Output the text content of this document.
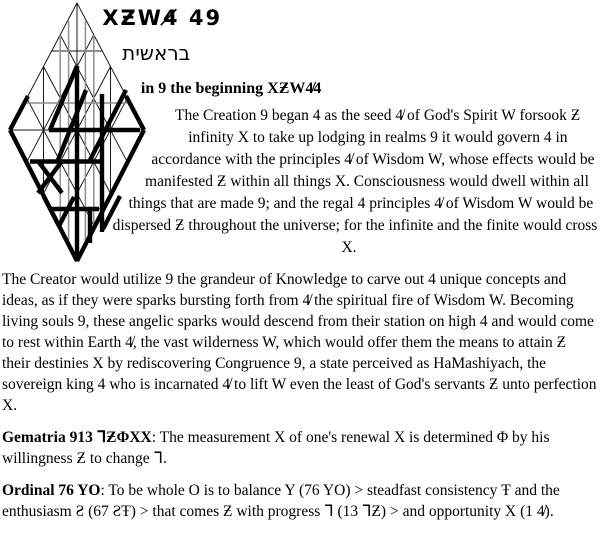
XƵW4̸ 49
בראשית
in 9 the beginning XƵW4̸4

The Creation 9 began 4 as the seed 4̸ of God's Spirit W forsook Ƶ infinity X to take up lodging in realms 9 it would govern 4 in accordance with the principles 4̸ of Wisdom W, whose effects would be manifested Ƶ within all things X. Consciousness would dwell within all things that are made 9; and the regal 4 principles 4̸ of Wisdom W would be dispersed Ƶ throughout the universe; for the infinite and the finite would cross X.

The Creator would utilize 9 the grandeur of Knowledge to carve out 4 unique concepts and ideas, as if they were sparks bursting forth from 4̸ the spiritual fire of Wisdom W. Becoming living souls 9, these angelic sparks would descend from their station on high 4 and would come to rest within Earth 4̸, the vast wilderness W, which would offer them the means to attain Ƶ their destinies X by rediscovering Congruence 9, a state perceived as HaMashiyach, the sovereign king 4 who is incarnated 4̸ to lift W even the least of God's servants Ƶ unto perfection X.

Gematria 913 ᒣƵΦXX: The measurement X of one's renewal X is determined Φ by his willingness Ƶ to change ᒣ.

Ordinal 76 YO: To be whole O is to balance Y (76 YO) > steadfast consistency Ŧ and the enthusiasm Ƨ (67 ƧŦ) > that comes Ƶ with progress ᒣ (13 ᒣƵ) > and opportunity X (1 4̸).
